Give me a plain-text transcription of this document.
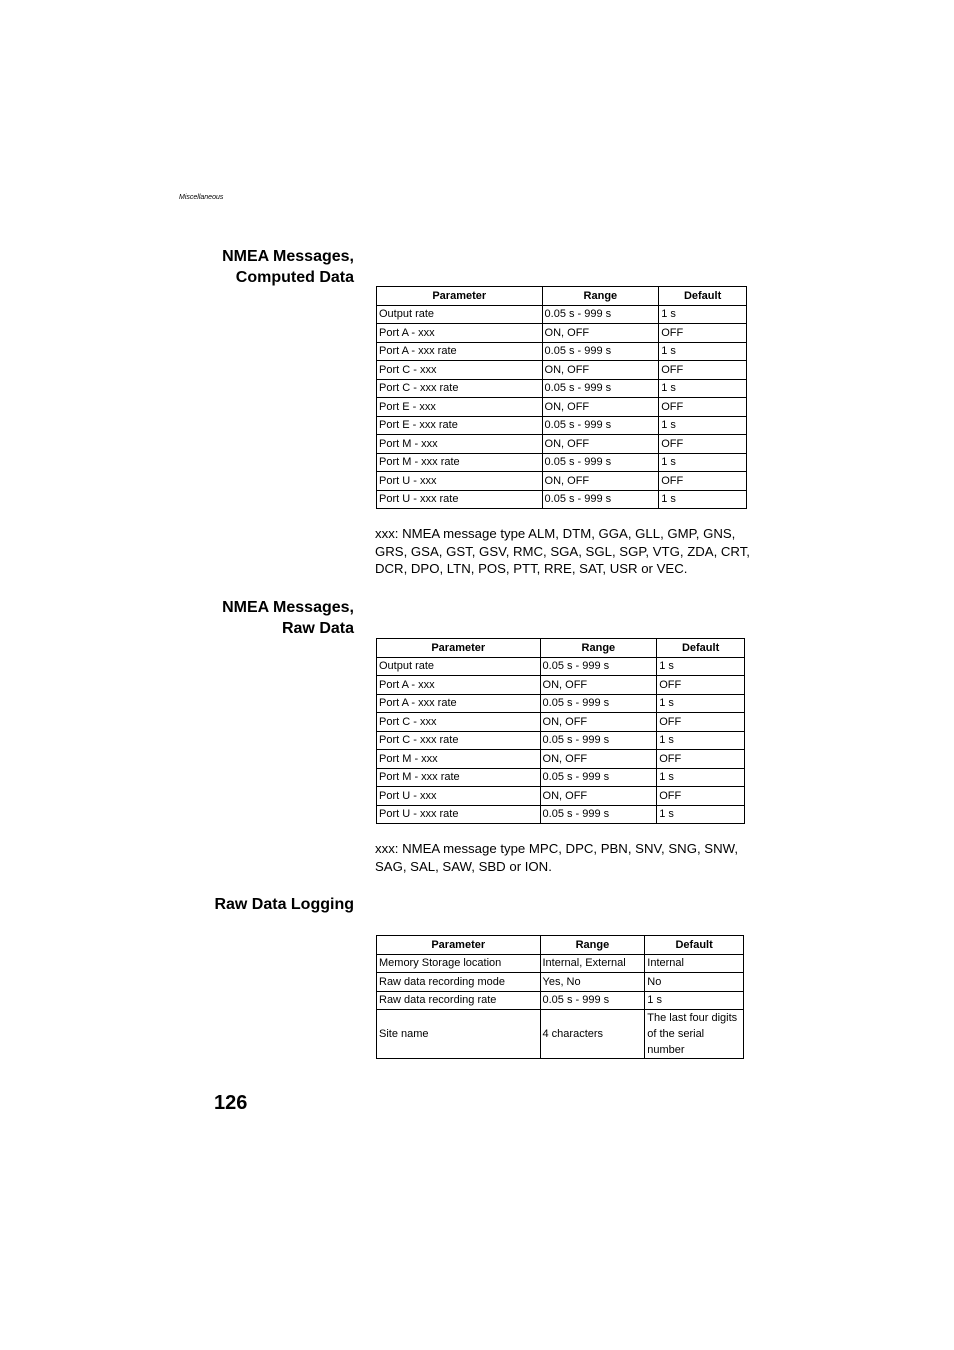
Miscellaneous
NMEA Messages,
Computed Data
Parameter	Range	Default
Output rate	0.05 s - 999 s	1 s
Port A - xxx	ON, OFF	OFF
Port A - xxx rate	0.05 s - 999 s	1 s
Port C - xxx	ON, OFF	OFF
Port C - xxx rate	0.05 s - 999 s	1 s
Port E - xxx	ON, OFF	OFF
Port E - xxx rate	0.05 s - 999 s	1 s
Port M - xxx	ON, OFF	OFF
Port M - xxx rate	0.05 s - 999 s	1 s
Port U - xxx	ON, OFF	OFF
Port U - xxx rate	0.05 s - 999 s	1 s
xxx: NMEA message type ALM, DTM, GGA, GLL, GMP, GNS, GRS, GSA, GST, GSV, RMC, SGA, SGL, SGP, VTG, ZDA, CRT, DCR, DPO, LTN, POS, PTT, RRE, SAT, USR or VEC.
NMEA Messages,
Raw Data
Parameter	Range	Default
Output rate	0.05 s - 999 s	1 s
Port A - xxx	ON, OFF	OFF
Port A - xxx rate	0.05 s - 999 s	1 s
Port C - xxx	ON, OFF	OFF
Port C - xxx rate	0.05 s - 999 s	1 s
Port M - xxx	ON, OFF	OFF
Port M - xxx rate	0.05 s - 999 s	1 s
Port U - xxx	ON, OFF	OFF
Port U - xxx rate	0.05 s - 999 s	1 s
xxx: NMEA message type MPC, DPC, PBN, SNV, SNG, SNW, SAG, SAL, SAW, SBD or ION.
Raw Data Logging
Parameter	Range	Default
Memory Storage location	Internal, External	Internal
Raw data recording mode	Yes, No	No
Raw data recording rate	0.05 s - 999 s	1 s
Site name	4 characters	The last four digits of the serial number
126
